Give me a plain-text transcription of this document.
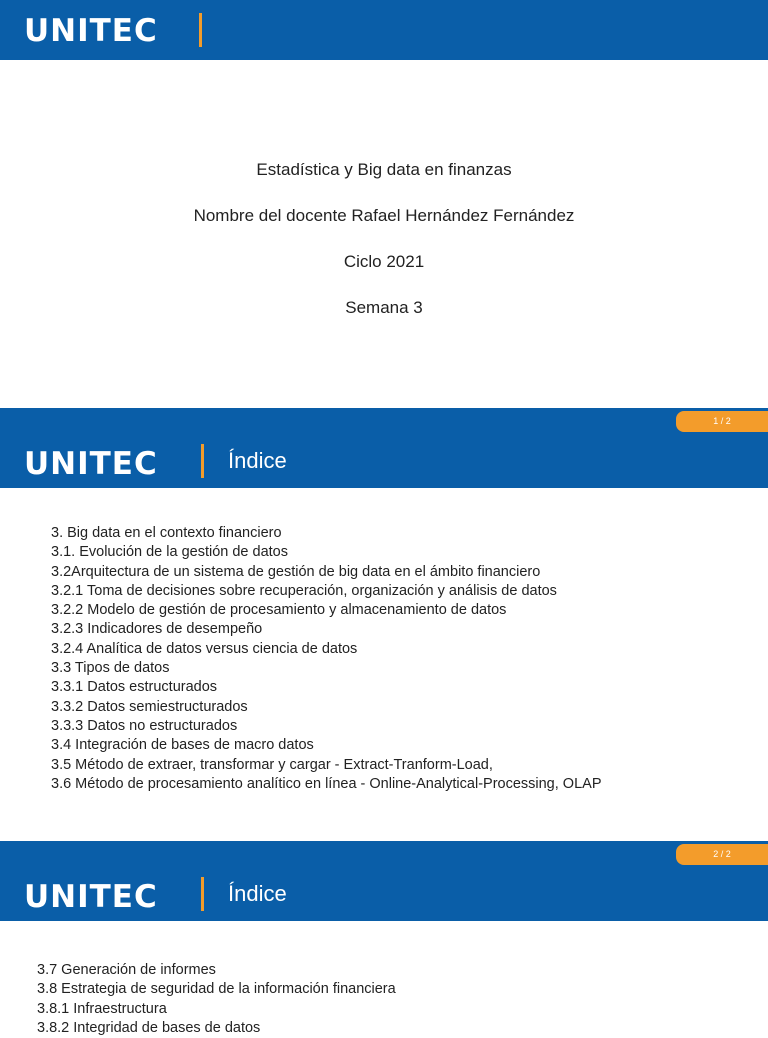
UNITEC
Estadística y Big data en finanzas
Nombre del docente Rafael Hernández Fernández
Ciclo 2021
Semana 3
1 / 2
UNITEC	Índice
3. Big data en el contexto financiero
3.1. Evolución de la gestión de datos
3.2Arquitectura de un sistema de gestión de big data en el ámbito financiero
3.2.1 Toma de decisiones sobre recuperación, organización y análisis de datos
3.2.2 Modelo de gestión de procesamiento y almacenamiento de datos
3.2.3 Indicadores de desempeño
3.2.4 Analítica de datos versus ciencia de datos
3.3 Tipos de datos
3.3.1 Datos estructurados
3.3.2 Datos semiestructurados
3.3.3 Datos no estructurados
3.4 Integración de bases de macro datos
3.5 Método de extraer, transformar y cargar - Extract-Tranform-Load,
3.6 Método de procesamiento analítico en línea - Online-Analytical-Processing, OLAP
2 / 2
UNITEC	Índice
3.7 Generación de informes
3.8 Estrategia de seguridad de la información financiera
3.8.1 Infraestructura
3.8.2 Integridad de bases de datos
